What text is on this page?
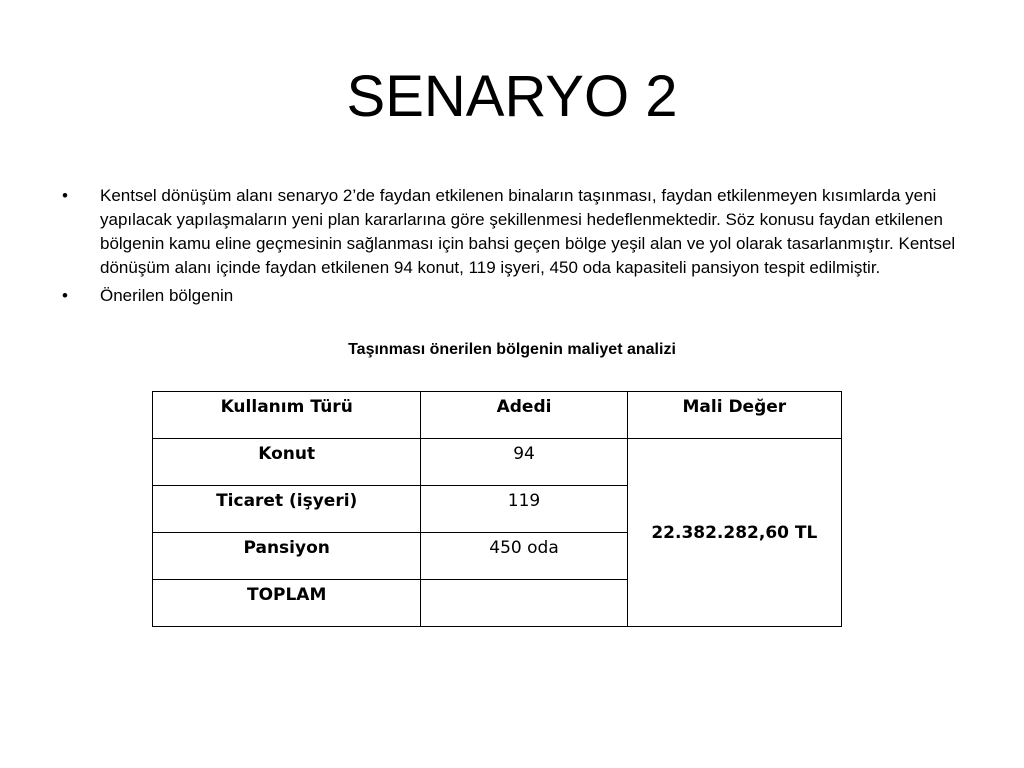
SENARYO 2
• Kentsel dönüşüm alanı senaryo 2’de faydan etkilenen binaların taşınması, faydan etkilenmeyen kısımlarda yeni yapılacak yapılaşmaların yeni plan kararlarına göre şekillenmesi hedeflenmektedir. Söz konusu faydan etkilenen bölgenin kamu eline geçmesinin sağlanması için bahsi geçen bölge yeşil alan ve yol olarak tasarlanmıştır. Kentsel dönüşüm alanı içinde faydan etkilenen 94 konut, 119 işyeri, 450 oda kapasiteli pansiyon tespit edilmiştir.
• Önerilen bölgenin
Taşınması önerilen bölgenin maliyet analizi
Kullanım Türü	Adedi	Mali Değer
Konut	94	22.382.282,60 TL
Ticaret (işyeri)	119	
Pansiyon	450 oda	
TOPLAM		
